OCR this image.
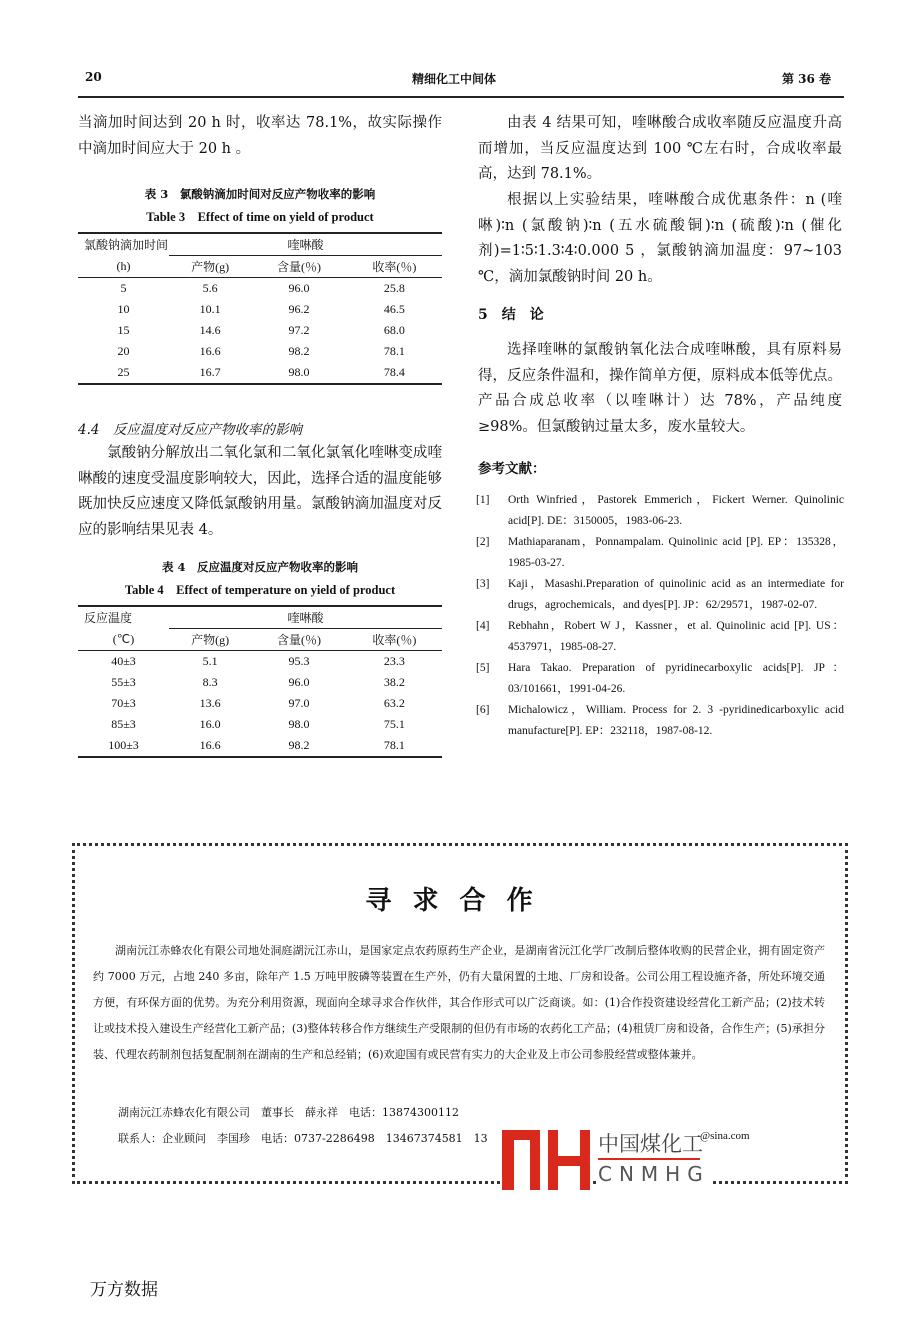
20	精细化工中间体	第 36 卷
当滴加时间达到 20 h 时，收率达 78.1%，故实际操作中滴加时间应大于 20 h 。
表 3　氯酸钠滴加时间对反应产物收率的影响
Table 3　Effect of time on yield of product
氯酸钠滴加时间	喹啉酸		
(h)	产物(g)	含量(％)	收率(％)
5	5.6	96.0	25.8
10	10.1	96.2	46.5
15	14.6	97.2	68.0
20	16.6	98.2	78.1
25	16.7	98.0	78.4
4.4　反应温度对反应产物收率的影响
氯酸钠分解放出二氧化氯和二氧化氯氧化喹啉变成喹啉酸的速度受温度影响较大，因此，选择合适的温度能够既加快反应速度又降低氯酸钠用量。氯酸钠滴加温度对反应的影响结果见表 4。
表 4　反应温度对反应产物收率的影响
Table 4　Effect of temperature on yield of product
反应温度	喹啉酸		
(℃)	产物(g)	含量(％)	收率(％)
40±3	5.1	95.3	23.3
55±3	8.3	96.0	38.2
70±3	13.6	97.0	63.2
85±3	16.0	98.0	75.1
100±3	16.6	98.2	78.1
由表 4 结果可知，喹啉酸合成收率随反应温度升高而增加，当反应温度达到 100 ℃左右时，合成收率最高，达到 78.1%。
根据以上实验结果，喹啉酸合成优惠条件：n (喹啉)∶n (氯酸钠)∶n (五水硫酸铜)∶n (硫酸)∶n (催化剂)=1∶5∶1.3∶4∶0.000 5 ，氯酸钠滴加温度：97~103 ℃，滴加氯酸钠时间 20 h。
5　结　论
选择喹啉的氯酸钠氧化法合成喹啉酸，具有原料易得，反应条件温和，操作简单方便，原料成本低等优点。产品合成总收率（以喹啉计）达 78%，产品纯度≥98%。但氯酸钠过量太多，废水量较大。
参考文献：
[1]	Orth Winfried，Pastorek Emmerich，Fickert Werner. Quinolinic acid[P]. DE：3150005，1983-06-23.
[2]	Mathiaparanam，Ponnampalam. Quinolinic acid [P]. EP：135328，1985-03-27.
[3]	Kaji，Masashi.Preparation of quinolinic acid as an intermediate for drugs，agrochemicals，and dyes[P]. JP：62/29571，1987-02-07.
[4]	Rebhahn，Robert W J，Kassner，et al. Quinolinic acid [P]. US：4537971，1985-08-27.
[5]	Hara Takao. Preparation of pyridinecarboxylic acids[P]. JP：03/101661，1991-04-26.
[6]	Michalowicz，William. Process for 2. 3 -pyridinedicarboxylic acid manufacture[P]. EP：232118，1987-08-12.
寻 求 合 作
湖南沅江赤蜂农化有限公司地处洞庭湖沅江赤山，是国家定点农药原药生产企业，是湖南省沅江化学厂改制后整体收购的民营企业，拥有固定资产约 7000 万元，占地 240 多亩，除年产 1.5 万吨甲胺磷等装置在生产外，仍有大量闲置的土地、厂房和设备。公司公用工程设施齐备，所处环境交通方便，有环保方面的优势。为充分利用资源，现面向全球寻求合作伙伴，其合作形式可以广泛商谈。如：(1)合作投资建设经营化工新产品；(2)技术转让或技术投入建设生产经营化工新产品；(3)整体转移合作方继续生产受限制的但仍有市场的农药化工产品；(4)租赁厂房和设备，合作生产；(5)承担分装、代理农药制剂包括复配制剂在湖南的生产和总经销；(6)欢迎国有或民营有实力的大企业及上市公司参股经营或整体兼并。
湖南沅江赤蜂农化有限公司　董事长　薛永祥　电话：13874300112
联系人：企业顾问　李国珍　电话：0737-2286498　13467374581　13	中国煤化工
@sina.com
CNMHG
万方数据
